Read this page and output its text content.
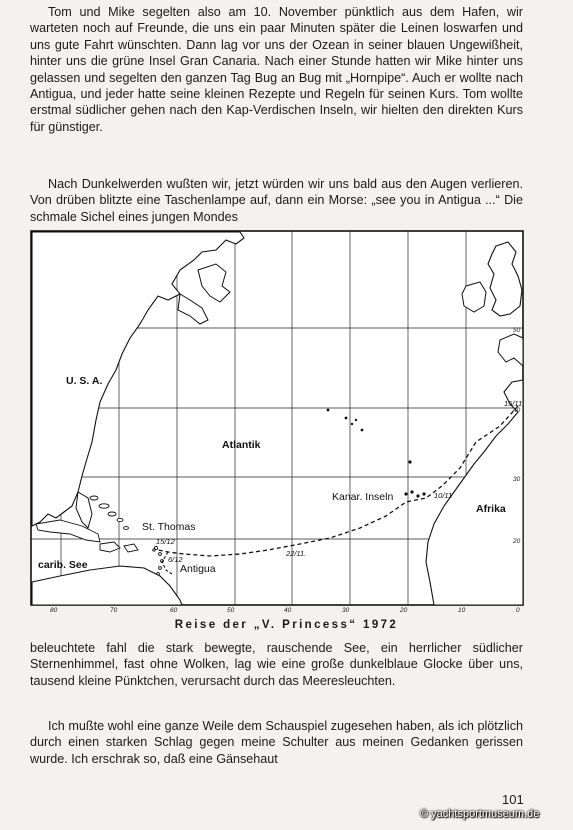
Tom und Mike segelten also am 10. November pünktlich aus dem Hafen, wir warteten noch auf Freunde, die uns ein paar Minuten später die Leinen loswarfen und uns gute Fahrt wünschten. Dann lag vor uns der Ozean in seiner blauen Ungewißheit, hinter uns die grüne Insel Gran Canaria. Nach einer Stunde hatten wir Mike hinter uns gelassen und segelten den ganzen Tag Bug an Bug mit „Hornpipe“. Auch er wollte nach Antigua, und jeder hatte seine kleinen Rezepte und Regeln für seinen Kurs. Tom wollte erstmal südlicher gehen nach den Kap-Verdischen Inseln, wir hielten den direkten Kurs für günstiger.

Nach Dunkelwerden wußten wir, jetzt würden wir uns bald aus den Augen verlieren. Von drüben blitzte eine Taschenlampe auf, dann ein Morse: „see you in Antigua ...“ Die schmale Sichel eines jungen Mondes

U. S. A.
Atlantik
Kanar. Inseln
Afrika
St. Thomas
carib. See	Antigua
15/11.
10/11
22/11.
15/12
6/12
80	70	60	50	40	30	20	10	0
50
40
30
20

Reise der „V. Princess“ 1972

beleuchtete fahl die stark bewegte, rauschende See, ein herrlicher südlicher Sternenhimmel, fast ohne Wolken, lag wie eine große dunkelblaue Glocke über uns, tausend kleine Pünktchen, verursacht durch das Meeresleuchten.

Ich mußte wohl eine ganze Weile dem Schauspiel zugesehen haben, als ich plötzlich durch einen starken Schlag gegen meine Schulter aus meinen Gedanken gerissen wurde. Ich erschrak so, daß eine Gänsehaut

101

© yachtsportmuseum.de
